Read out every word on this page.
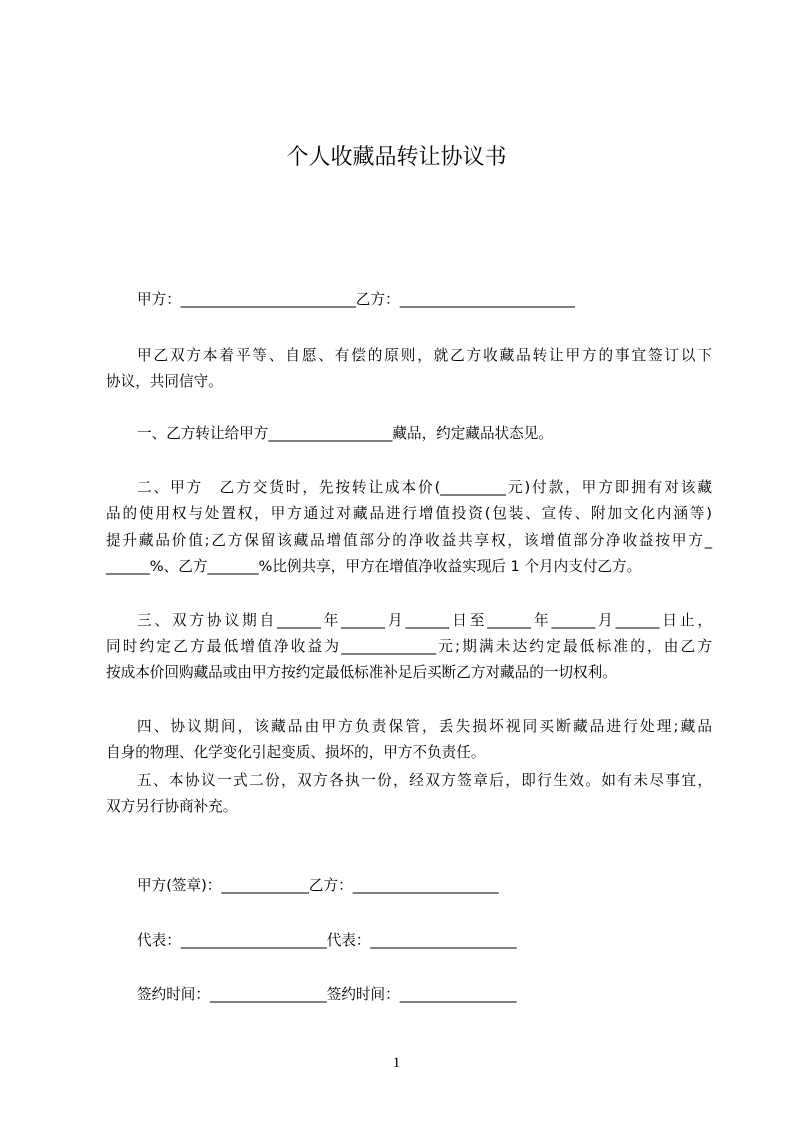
个人收藏品转让协议书
甲方：________________________乙方：________________________
甲乙双方本着平等、自愿、有偿的原则，就乙方收藏品转让甲方的事宜签订以下
协议，共同信守。
一、乙方转让给甲方_________________藏品，约定藏品状态见。
二、甲方　乙方交货时，先按转让成本价(_________元)付款，甲方即拥有对该藏
品的使用权与处置权，甲方通过对藏品进行增值投资(包装、宣传、附加文化内涵等)
提升藏品价值;乙方保留该藏品增值部分的净收益共享权，该增值部分净收益按甲方_
______%、乙方_______%比例共享，甲方在增值净收益实现后 1 个月内支付乙方。
三、双方协议期自______年______月______日至______年______月______日止，
同时约定乙方最低增值净收益为_____________元;期满未达约定最低标准的，由乙方
按成本价回购藏品或由甲方按约定最低标准补足后买断乙方对藏品的一切权利。
四、协议期间，该藏品由甲方负责保管，丢失损坏视同买断藏品进行处理;藏品
自身的物理、化学变化引起变质、损坏的，甲方不负责任。
五、本协议一式二份，双方各执一份，经双方签章后，即行生效。如有未尽事宜，
双方另行协商补充。
甲方(签章)：____________乙方：____________________
代表：____________________代表：____________________
签约时间：________________签约时间：________________
1
